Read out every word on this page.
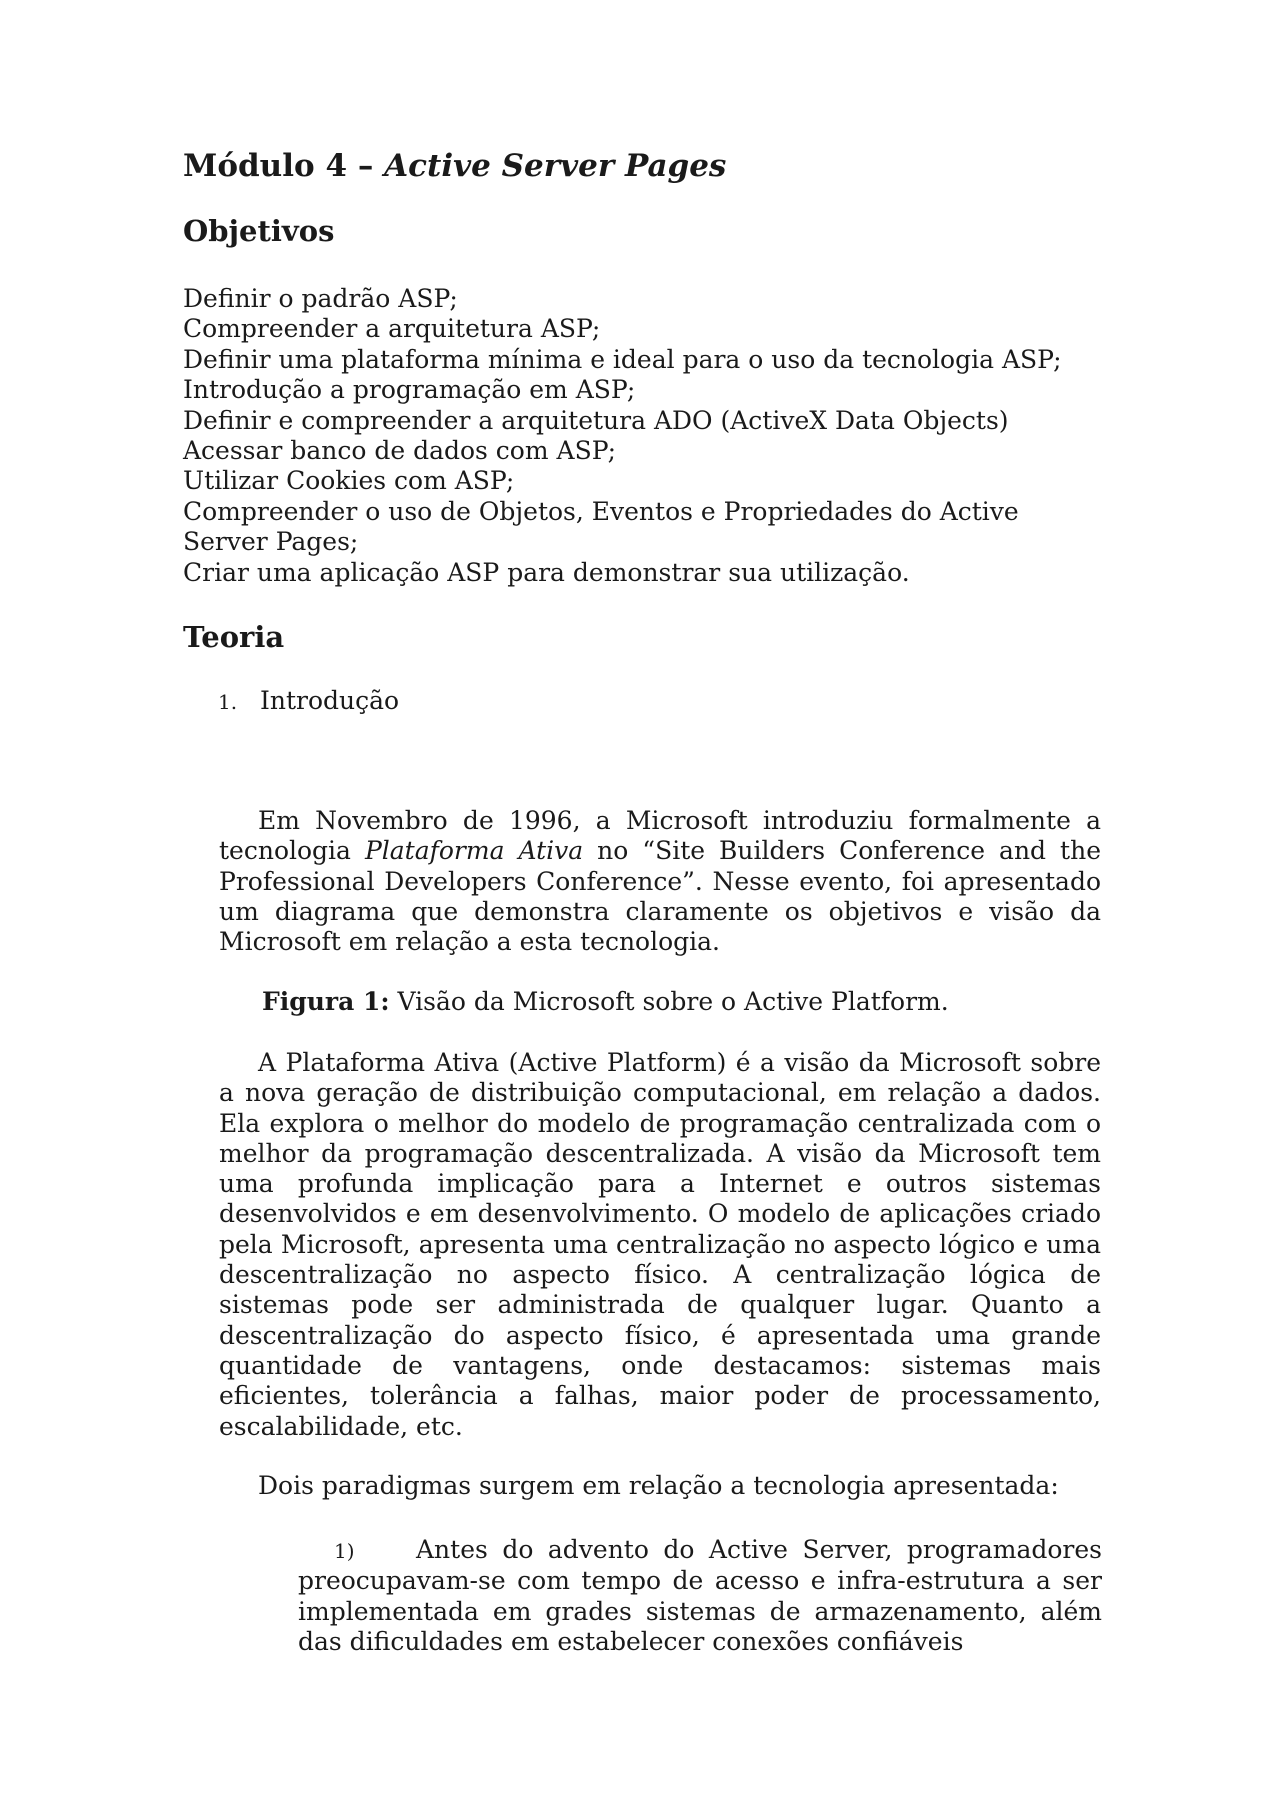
Módulo 4 – Active Server Pages
Objetivos
Definir o padrão ASP;
Compreender a arquitetura ASP;
Definir uma plataforma mínima e ideal para o uso da tecnologia ASP;
Introdução a programação em ASP;
Definir e compreender a arquitetura ADO (ActiveX Data Objects)
Acessar banco de dados com ASP;
Utilizar Cookies com ASP;
Compreender o uso de Objetos, Eventos e Propriedades do Active Server Pages;
Criar uma aplicação ASP para demonstrar sua utilização.
Teoria
1. Introdução

Em Novembro de 1996, a Microsoft introduziu formalmente a tecnologia Plataforma Ativa no “Site Builders Conference and the Professional Developers Conference”. Nesse evento, foi apresentado um diagrama que demonstra claramente os objetivos e visão da Microsoft em relação a esta tecnologia.

Figura 1: Visão da Microsoft sobre o Active Platform.

A Plataforma Ativa (Active Platform) é a visão da Microsoft sobre a nova geração de distribuição computacional, em relação a dados. Ela explora o melhor do modelo de programação centralizada com o melhor da programação descentralizada. A visão da Microsoft tem uma profunda implicação para a Internet e outros sistemas desenvolvidos e em desenvolvimento. O modelo de aplicações criado pela Microsoft, apresenta uma centralização no aspecto lógico e uma descentralização no aspecto físico. A centralização lógica de sistemas pode ser administrada de qualquer lugar. Quanto a descentralização do aspecto físico, é apresentada uma grande quantidade de vantagens, onde destacamos: sistemas mais eficientes, tolerância a falhas, maior poder de processamento, escalabilidade, etc.

Dois paradigmas surgem em relação a tecnologia apresentada:

1) Antes do advento do Active Server, programadores preocupavam-se com tempo de acesso e infra-estrutura a ser implementada em grades sistemas de armazenamento, além das dificuldades em estabelecer conexões confiáveis
